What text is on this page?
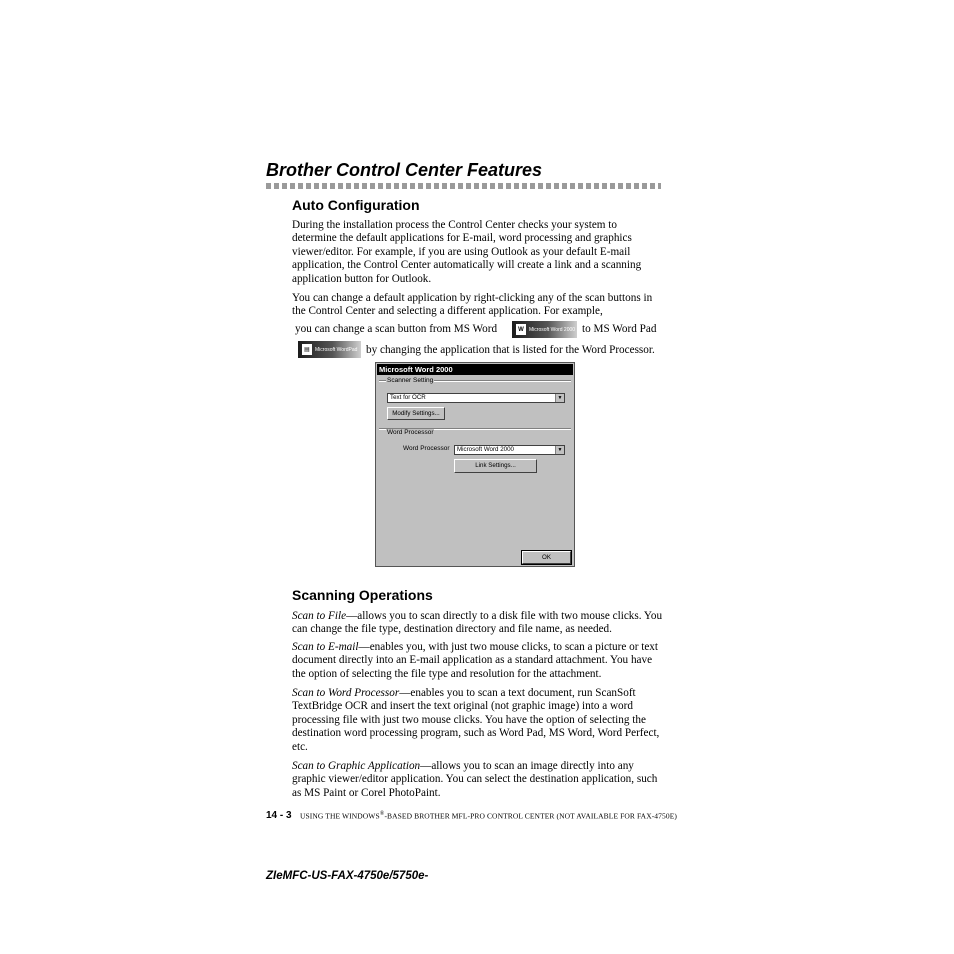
Brother Control Center Features
Auto Configuration

During the installation process the Control Center checks your system to determine the default applications for E-mail, word processing and graphics viewer/editor. For example, if you are using Outlook as your default E-mail application, the Control Center automatically will create a link and a scanning application button for Outlook.

You can change a default application by right-clicking any of the scan buttons in the Control Center and selecting a different application. For example,

you can change a scan button from MS Word	W	Microsoft Word 2000 to MS Word Pad

▤	Microsoft WordPad by changing the application that is listed for the Word Processor.

Microsoft Word 2000
Scanner Setting
Text for OCR	▼
Modify Settings...
Word Processor
Word Processor	Microsoft Word 2000	▼
Link Settings...
OK
Scanning Operations

Scan to File—allows you to scan directly to a disk file with two mouse clicks. You can change the file type, destination directory and file name, as needed.

Scan to E-mail—enables you, with just two mouse clicks, to scan a picture or text document directly into an E-mail application as a standard attachment. You have the option of selecting the file type and resolution for the attachment.

Scan to Word Processor—enables you to scan a text document, run ScanSoft TextBridge OCR and insert the text original (not graphic image) into a word processing file with just two mouse clicks. You have the option of selecting the destination word processing program, such as Word Pad, MS Word, Word Perfect, etc.

Scan to Graphic Application—allows you to scan an image directly into any graphic viewer/editor application. You can select the destination application, such as MS Paint or Corel PhotoPaint.

14 - 3 USING THE WINDOWS®-BASED BROTHER MFL-PRO CONTROL CENTER (NOT AVAILABLE FOR FAX-4750E)
ZIeMFC-US-FAX-4750e/5750e-
